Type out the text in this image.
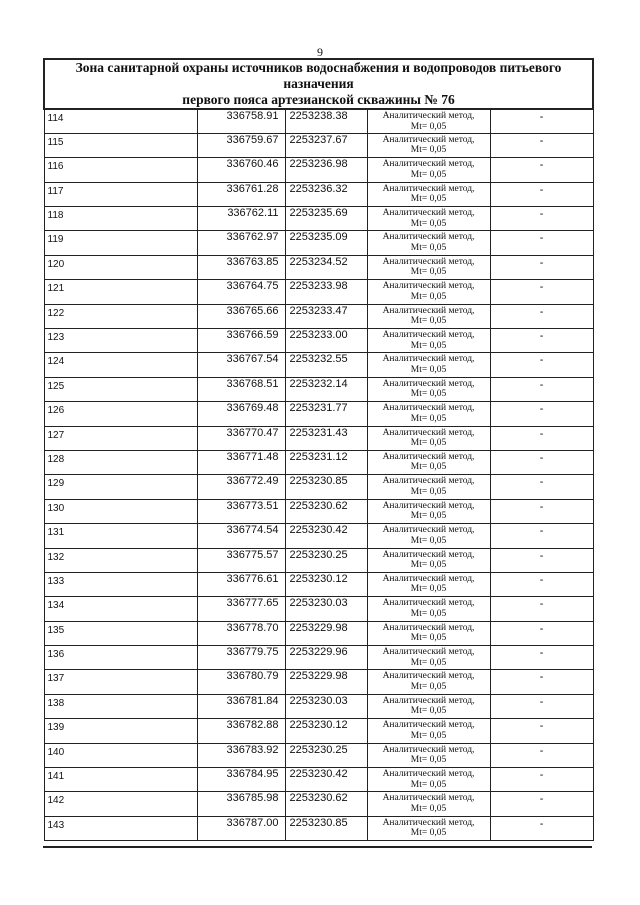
9
Зона санитарной охраны источников водоснабжения и водопроводов питьевого назначения
первого пояса артезианской скважины № 76				

114	336758.91	2253238.38	Аналитический метод,
Mt= 0,05	-
115	336759.67	2253237.67	Аналитический метод,
Mt= 0,05	-
116	336760.46	2253236.98	Аналитический метод,
Mt= 0,05	-
117	336761.28	2253236.32	Аналитический метод,
Mt= 0,05	-
118	336762.11	2253235.69	Аналитический метод,
Mt= 0,05	-
119	336762.97	2253235.09	Аналитический метод,
Mt= 0,05	-
120	336763.85	2253234.52	Аналитический метод,
Mt= 0,05	-
121	336764.75	2253233.98	Аналитический метод,
Mt= 0,05	-
122	336765.66	2253233.47	Аналитический метод,
Mt= 0,05	-
123	336766.59	2253233.00	Аналитический метод,
Mt= 0,05	-
124	336767.54	2253232.55	Аналитический метод,
Mt= 0,05	-
125	336768.51	2253232.14	Аналитический метод,
Mt= 0,05	-
126	336769.48	2253231.77	Аналитический метод,
Mt= 0,05	-
127	336770.47	2253231.43	Аналитический метод,
Mt= 0,05	-
128	336771.48	2253231.12	Аналитический метод,
Mt= 0,05	-
129	336772.49	2253230.85	Аналитический метод,
Mt= 0,05	-
130	336773.51	2253230.62	Аналитический метод,
Mt= 0,05	-
131	336774.54	2253230.42	Аналитический метод,
Mt= 0,05	-
132	336775.57	2253230.25	Аналитический метод,
Mt= 0,05	-
133	336776.61	2253230.12	Аналитический метод,
Mt= 0,05	-
134	336777.65	2253230.03	Аналитический метод,
Mt= 0,05	-
135	336778.70	2253229.98	Аналитический метод,
Mt= 0,05	-
136	336779.75	2253229.96	Аналитический метод,
Mt= 0,05	-
137	336780.79	2253229.98	Аналитический метод,
Mt= 0,05	-
138	336781.84	2253230.03	Аналитический метод,
Mt= 0,05	-
139	336782.88	2253230.12	Аналитический метод,
Mt= 0,05	-
140	336783.92	2253230.25	Аналитический метод,
Mt= 0,05	-
141	336784.95	2253230.42	Аналитический метод,
Mt= 0,05	-
142	336785.98	2253230.62	Аналитический метод,
Mt= 0,05	-
143	336787.00	2253230.85	Аналитический метод,
Mt= 0,05	-
